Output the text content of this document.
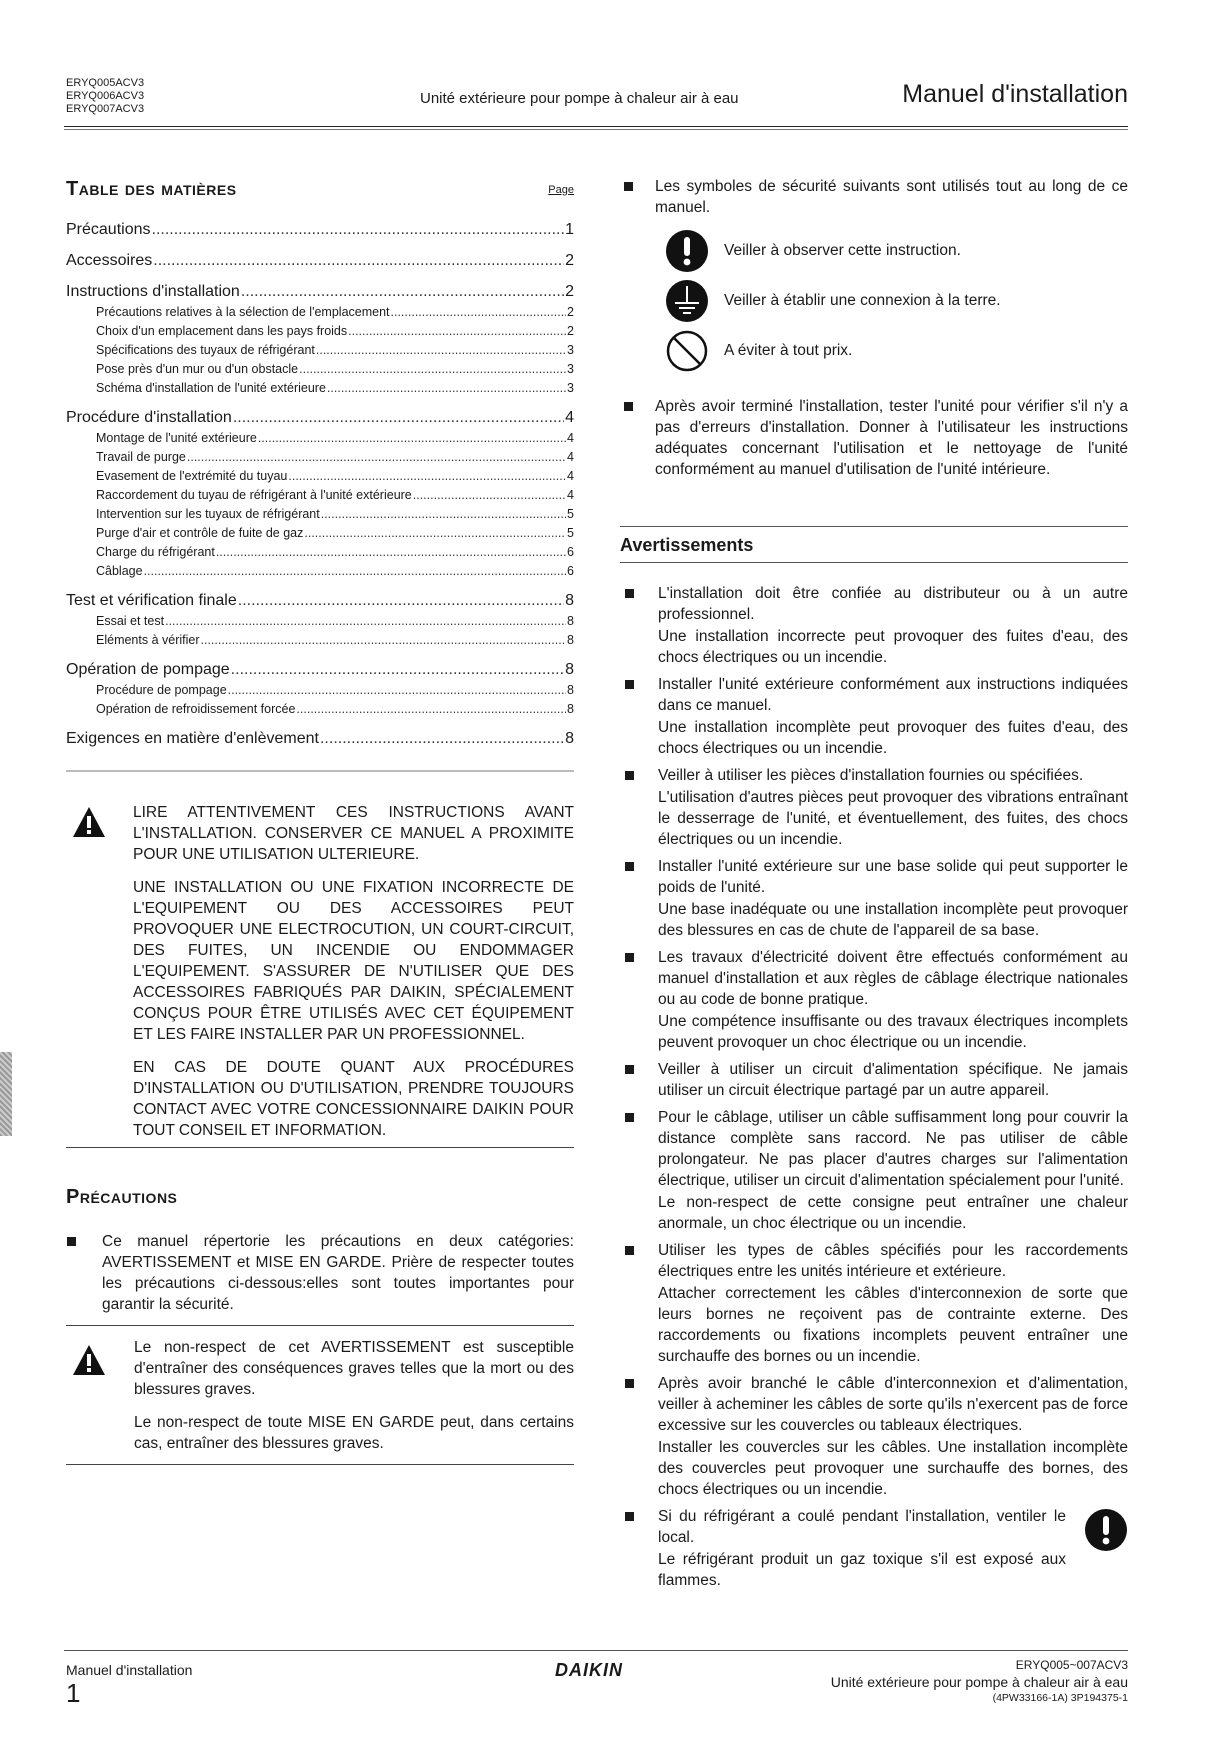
ERYQ005ACV3
ERYQ006ACV3
ERYQ007ACV3
Unité extérieure pour pompe à chaleur air à eau	Manuel d'installation
Table des matières	Page
Précautions .....	1
Accessoires .....	2
Instructions d'installation .....	2
Précautions relatives à la sélection de l'emplacement .....	2
Choix d'un emplacement dans les pays froids .....	2
Spécifications des tuyaux de réfrigérant .....	3
Pose près d'un mur ou d'un obstacle .....	3
Schéma d'installation de l'unité extérieure .....	3
Procédure d'installation .....	4
Montage de l'unité extérieure .....	4
Travail de purge .....	4
Evasement de l'extrémité du tuyau .....	4
Raccordement du tuyau de réfrigérant à l'unité extérieure .....	4
Intervention sur les tuyaux de réfrigérant .....	5
Purge d'air et contrôle de fuite de gaz .....	5
Charge du réfrigérant .....	6
Câblage .....	6
Test et vérification finale .....	8
Essai et test .....	8
Eléments à vérifier .....	8
Opération de pompage .....	8
Procédure de pompage .....	8
Opération de refroidissement forcée .....	8
Exigences en matière d'enlèvement .....	8

LIRE ATTENTIVEMENT CES INSTRUCTIONS AVANT L'INSTALLATION. CONSERVER CE MANUEL A PROXIMITE POUR UNE UTILISATION ULTERIEURE.

UNE INSTALLATION OU UNE FIXATION INCORRECTE DE L'EQUIPEMENT OU DES ACCESSOIRES PEUT PROVOQUER UNE ELECTROCUTION, UN COURT-CIRCUIT, DES FUITES, UN INCENDIE OU ENDOMMAGER L'EQUIPEMENT. S'ASSURER DE N'UTILISER QUE DES ACCESSOIRES FABRIQUÉS PAR DAIKIN, SPÉCIALEMENT CONÇUS POUR ÊTRE UTILISÉS AVEC CET ÉQUIPEMENT ET LES FAIRE INSTALLER PAR UN PROFESSIONNEL.

EN CAS DE DOUTE QUANT AUX PROCÉDURES D'INSTALLATION OU D'UTILISATION, PRENDRE TOUJOURS CONTACT AVEC VOTRE CONCESSIONNAIRE DAIKIN POUR TOUT CONSEIL ET INFORMATION.

Précautions
Ce manuel répertorie les précautions en deux catégories: AVERTISSEMENT et MISE EN GARDE. Prière de respecter toutes les précautions ci-dessous:elles sont toutes importantes pour garantir la sécurité.

Le non-respect de cet AVERTISSEMENT est susceptible d'entraîner des conséquences graves telles que la mort ou des blessures graves.

Le non-respect de toute MISE EN GARDE peut, dans certains cas, entraîner des blessures graves.

Les symboles de sécurité suivants sont utilisés tout au long de ce manuel.

Veiller à observer cette instruction.
Veiller à établir une connexion à la terre.
A éviter à tout prix.

Après avoir terminé l'installation, tester l'unité pour vérifier s'il n'y a pas d'erreurs d'installation. Donner à l'utilisateur les instructions adéquates concernant l'utilisation et le nettoyage de l'unité conformément au manuel d'utilisation de l'unité intérieure.

Avertissements

L'installation doit être confiée au distributeur ou à un autre professionnel.

Une installation incorrecte peut provoquer des fuites d'eau, des chocs électriques ou un incendie.

Installer l'unité extérieure conformément aux instructions indiquées dans ce manuel.

Une installation incomplète peut provoquer des fuites d'eau, des chocs électriques ou un incendie.

Veiller à utiliser les pièces d'installation fournies ou spécifiées.

L'utilisation d'autres pièces peut provoquer des vibrations entraînant le desserrage de l'unité, et éventuellement, des fuites, des chocs électriques ou un incendie.

Installer l'unité extérieure sur une base solide qui peut supporter le poids de l'unité.

Une base inadéquate ou une installation incomplète peut provoquer des blessures en cas de chute de l'appareil de sa base.

Les travaux d'électricité doivent être effectués conformément au manuel d'installation et aux règles de câblage électrique nationales ou au code de bonne pratique.

Une compétence insuffisante ou des travaux électriques incomplets peuvent provoquer un choc électrique ou un incendie.

Veiller à utiliser un circuit d'alimentation spécifique. Ne jamais utiliser un circuit électrique partagé par un autre appareil.

Pour le câblage, utiliser un câble suffisamment long pour couvrir la distance complète sans raccord. Ne pas utiliser de câble prolongateur. Ne pas placer d'autres charges sur l'alimentation électrique, utiliser un circuit d'alimentation spécialement pour l'unité.

Le non-respect de cette consigne peut entraîner une chaleur anormale, un choc électrique ou un incendie.

Utiliser les types de câbles spécifiés pour les raccordements électriques entre les unités intérieure et extérieure.

Attacher correctement les câbles d'interconnexion de sorte que leurs bornes ne reçoivent pas de contrainte externe. Des raccordements ou fixations incomplets peuvent entraîner une surchauffe des bornes ou un incendie.

Après avoir branché le câble d'interconnexion et d'alimentation, veiller à acheminer les câbles de sorte qu'ils n'exercent pas de force excessive sur les couvercles ou tableaux électriques.

Installer les couvercles sur les câbles. Une installation incomplète des couvercles peut provoquer une surchauffe des bornes, des chocs électriques ou un incendie.

Si du réfrigérant a coulé pendant l'installation, ventiler le local.

Le réfrigérant produit un gaz toxique s'il est exposé aux flammes.

Manuel d'installation
1
DAIKIN	ERYQ005~007ACV3
Unité extérieure pour pompe à chaleur air à eau
(4PW33166-1A) 3P194375-1
